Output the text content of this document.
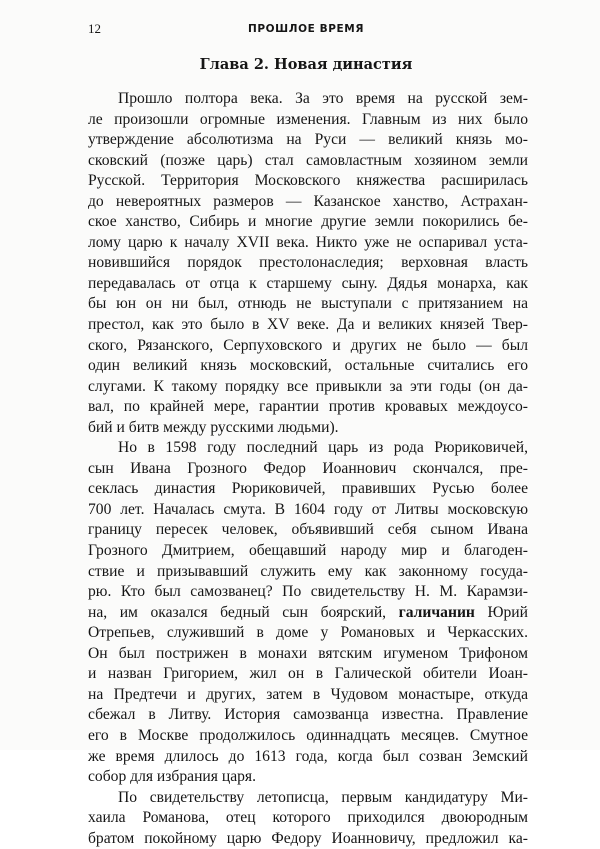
12	ПРОШЛОЕ ВРЕМЯ
Глава 2. Новая династия
Прошло полтора века. За это время на русской зем-
ле произошли огромные изменения. Главным из них было
утверждение абсолютизма на Руси — великий князь мо-
сковский (позже царь) стал самовластным хозяином земли
Русской. Территория Московского княжества расширилась
до невероятных размеров — Казанское ханство, Астрахан-
ское ханство, Сибирь и многие другие земли покорились бе-
лому царю к началу XVII века. Никто уже не оспаривал уста-
новившийся порядок престолонаследия; верховная власть
передавалась от отца к старшему сыну. Дядья монарха, как
бы юн он ни был, отнюдь не выступали с притязанием на
престол, как это было в XV веке. Да и великих князей Твер-
ского, Рязанского, Серпуховского и других не было — был
один великий князь московский, остальные считались его
слугами. К такому порядку все привыкли за эти годы (он да-
вал, по крайней мере, гарантии против кровавых междоусо-
бий и битв между русскими людьми).
Но в 1598 году последний царь из рода Рюриковичей,
сын Ивана Грозного Федор Иоаннович скончался, пре-
секлась династия Рюриковичей, правивших Русью более
700 лет. Началась смута. В 1604 году от Литвы московскую
границу пересек человек, объявивший себя сыном Ивана
Грозного Дмитрием, обещавший народу мир и благоден-
ствие и призывавший служить ему как законному госуда-
рю. Кто был самозванец? По свидетельству Н. М. Карамзи-
на, им оказался бедный сын боярский, галичанин Юрий
Отрепьев, служивший в доме у Романовых и Черкасских.
Он был пострижен в монахи вятским игуменом Трифоном
и назван Григорием, жил он в Галической обители Иоан-
на Предтечи и других, затем в Чудовом монастыре, откуда
сбежал в Литву. История самозванца известна. Правление
его в Москве продолжилось одиннадцать месяцев. Смутное
же время длилось до 1613 года, когда был созван Земский
собор для избрания царя.
По свидетельству летописца, первым кандидатуру Ми-
хаила Романова, отец которого приходился двоюродным
братом покойному царю Федору Иоанновичу, предложил ка-
